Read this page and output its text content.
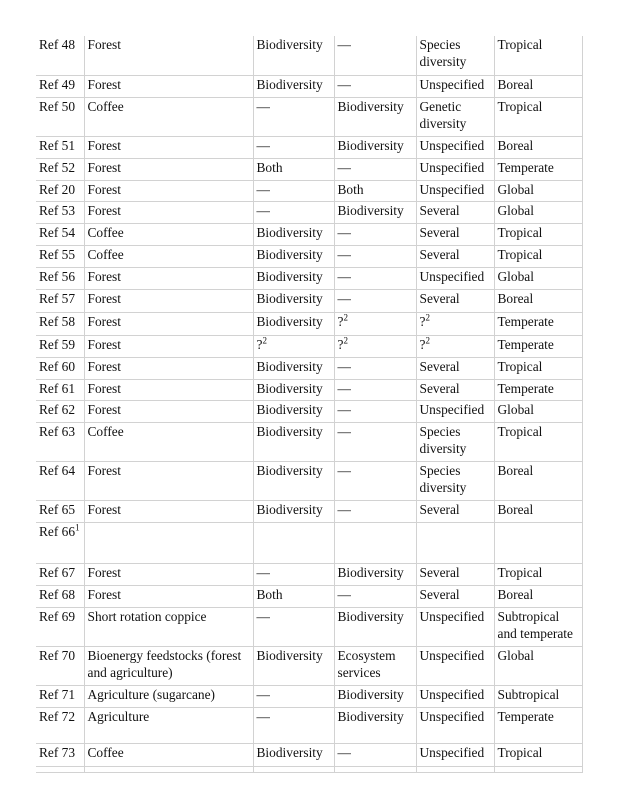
Ref 48	Forest	Biodiversity	—	Species diversity	Tropical
Ref 49	Forest	Biodiversity	—	Unspecified	Boreal
Ref 50	Coffee	—	Biodiversity	Genetic diversity	Tropical
Ref 51	Forest	—	Biodiversity	Unspecified	Boreal
Ref 52	Forest	Both	—	Unspecified	Temperate
Ref 20	Forest	—	Both	Unspecified	Global
Ref 53	Forest	—	Biodiversity	Several	Global
Ref 54	Coffee	Biodiversity	—	Several	Tropical
Ref 55	Coffee	Biodiversity	—	Several	Tropical
Ref 56	Forest	Biodiversity	—	Unspecified	Global
Ref 57	Forest	Biodiversity	—	Several	Boreal
Ref 58	Forest	Biodiversity	?$^2$	?$^2$	Temperate
Ref 59	Forest	?$^2$	?$^2$	?$^2$	Temperate
Ref 60	Forest	Biodiversity	—	Several	Tropical
Ref 61	Forest	Biodiversity	—	Several	Temperate
Ref 62	Forest	Biodiversity	—	Unspecified	Global
Ref 63	Coffee	Biodiversity	—	Species diversity	Tropical
Ref 64	Forest	Biodiversity	—	Species diversity	Boreal
Ref 65	Forest	Biodiversity	—	Several	Boreal
Ref $66^1$					
Ref 67	Forest	—	Biodiversity	Several	Tropical
Ref 68	Forest	Both	—	Several	Boreal
Ref 69	Short rotation coppice	—	Biodiversity	Unspecified	Subtropical and temperate
Ref 70	Bioenergy feedstocks (forest and agriculture)	Biodiversity	Ecosystem services	Unspecified	Global
Ref 71	Agriculture (sugarcane)	—	Biodiversity	Unspecified	Subtropical
Ref 72	Agriculture	—	Biodiversity	Unspecified	Temperate
Ref 73	Coffee	Biodiversity	—	Unspecified	Tropical
